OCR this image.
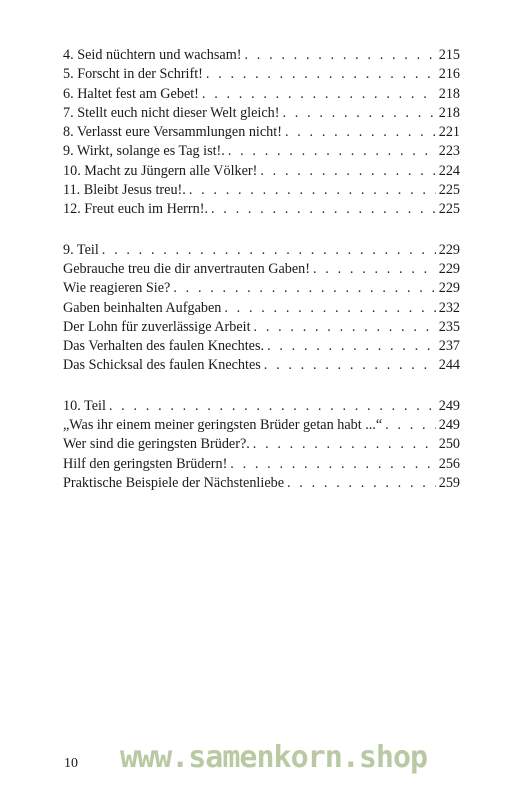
4. Seid nüchtern und wachsam! . . .	215
5. Forscht in der Schrift! . . .	216
6. Haltet fest am Gebet! . . .	218
7. Stellt euch nicht dieser Welt gleich! . . .	218
8. Verlasst eure Versammlungen nicht! . . .	221
9. Wirkt, solange es Tag ist!. . . .	223
10. Macht zu Jüngern alle Völker! . . .	224
11. Bleibt Jesus treu!. . . .	225
12. Freut euch im Herrn!. . . .	225
9. Teil . . .	229
Gebrauche treu die dir anvertrauten Gaben! . . .	229
Wie reagieren Sie? . . .	229
Gaben beinhalten Aufgaben . . .	232
Der Lohn für zuverlässige Arbeit . . .	235
Das Verhalten des faulen Knechtes. . . .	237
Das Schicksal des faulen Knechtes . . .	244
10. Teil . . .	249
„Was ihr einem meiner geringsten Brüder getan habt ...“ . . .	249
Wer sind die geringsten Brüder?. . . .	250
Hilf den geringsten Brüdern! . . .	256
Praktische Beispiele der Nächstenliebe . . .	259
10 www.samenkorn.shop
